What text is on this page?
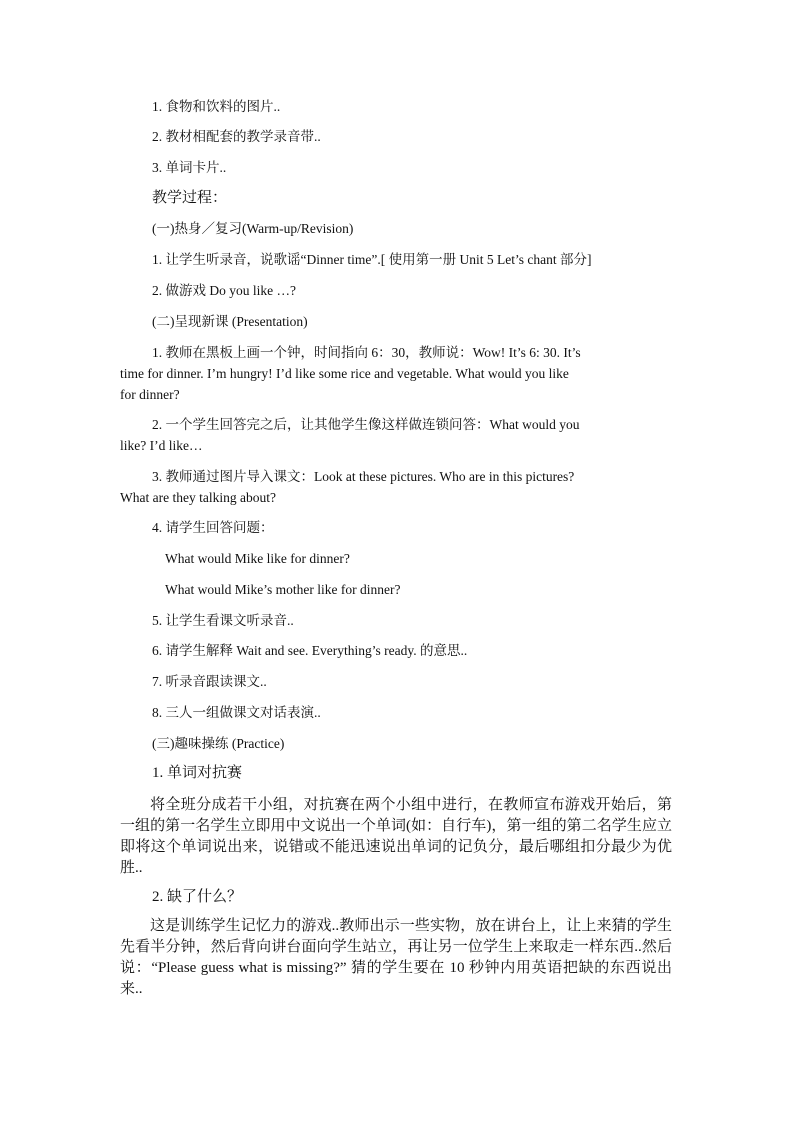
1. 食物和饮料的图片..
2. 教材相配套的教学录音带..
3. 单词卡片..
教学过程：
(一)热身／复习(Warm-up/Revision)
1. 让学生听录音，说歌谣“Dinner time”.[ 使用第一册 Unit 5 Let’s chant 部分]
2. 做游戏 Do you like …?
(二)呈现新课 (Presentation)
1. 教师在黑板上画一个钟，时间指向 6：30，教师说：Wow! It’s 6: 30. It’s
time for dinner. I’m hungry! I’d like some rice and vegetable. What would you like
for dinner?
2. 一个学生回答完之后，让其他学生像这样做连锁问答：What would you
like? I’d like…
3. 教师通过图片导入课文：Look at these pictures. Who are in this pictures?
What are they talking about?
4. 请学生回答问题：
What would Mike like for dinner?
What would Mike’s mother like for dinner?
5. 让学生看课文听录音..
6. 请学生解释 Wait and see. Everything’s ready. 的意思..
7. 听录音跟读课文..
8. 三人一组做课文对话表演..
(三)趣味操练 (Practice)
1. 单词对抗赛

将全班分成若干小组，对抗赛在两个小组中进行，在教师宣布游戏开始后，第一组的第一名学生立即用中文说出一个单词(如：自行车)，第一组的第二名学生应立即将这个单词说出来，说错或不能迅速说出单词的记负分，最后哪组扣分最少为优胜..

2. 缺了什么？

这是训练学生记忆力的游戏..教师出示一些实物，放在讲台上，让上来猜的学生先看半分钟，然后背向讲台面向学生站立，再让另一位学生上来取走一样东西..然后说：“Please guess what is missing?” 猜的学生要在 10 秒钟内用英语把缺的东西说出来..
